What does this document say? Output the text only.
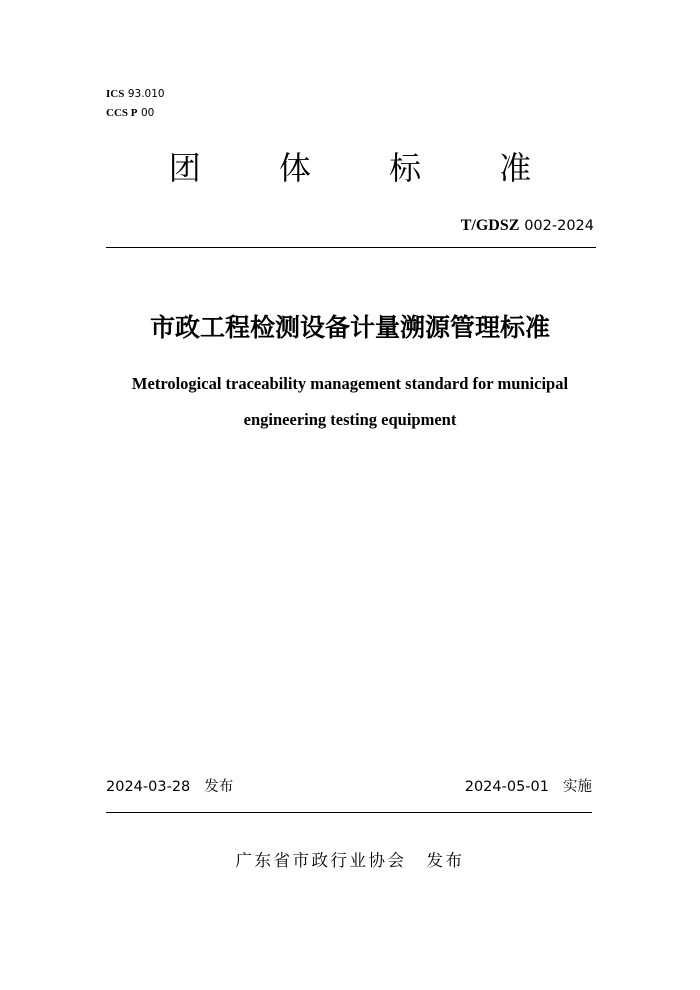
ICS 93.010
CCS P 00
团 体 标 准
T/GDSZ 002-2024
市政工程检测设备计量溯源管理标准
Metrological traceability management standard for municipal
engineering testing equipment
2024-03-28 发布	2024-05-01 实施
广东省市政行业协会 发布
